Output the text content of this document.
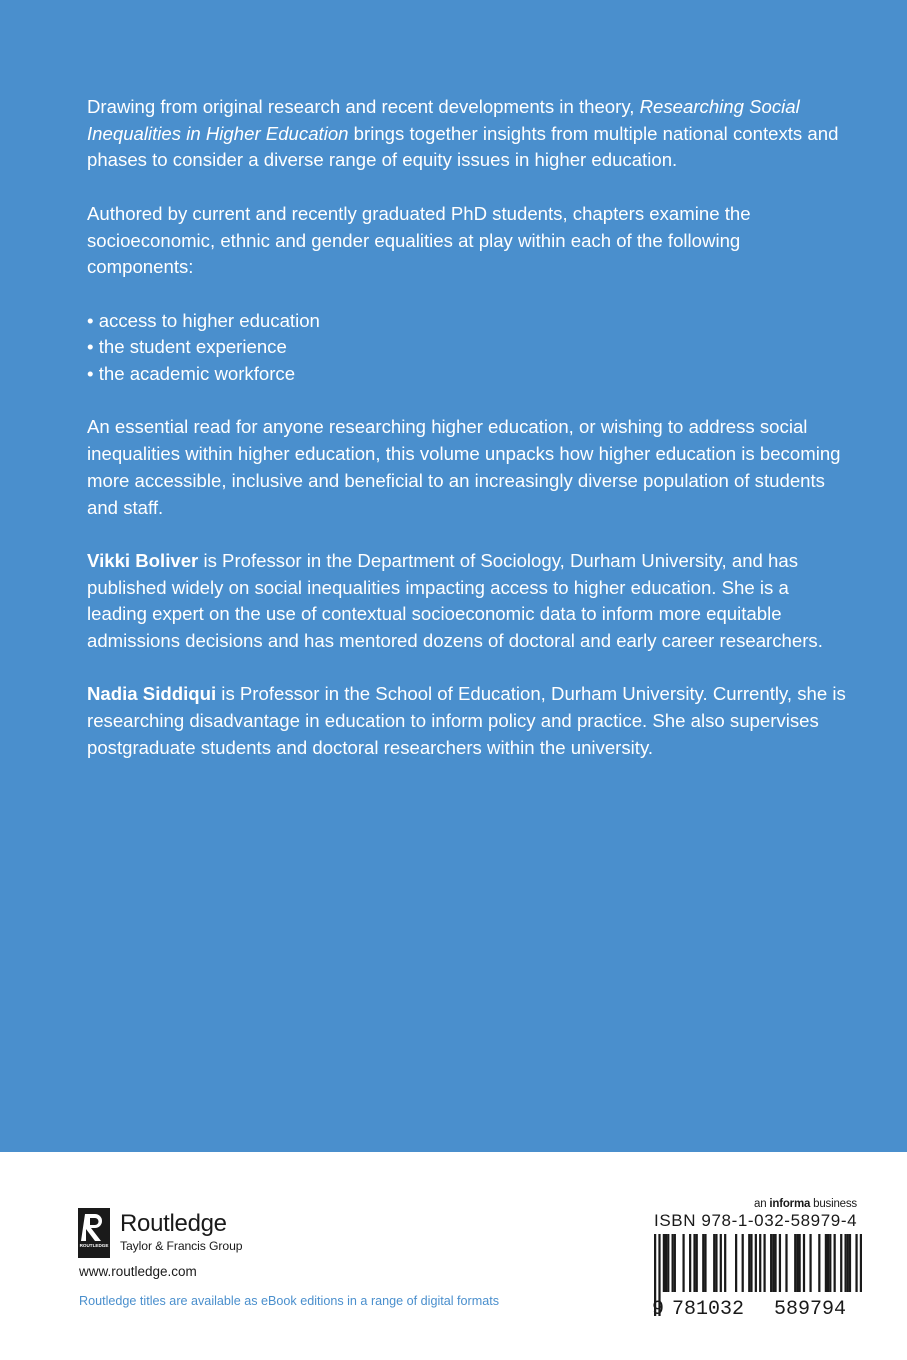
Drawing from original research and recent developments in theory, Researching Social Inequalities in Higher Education brings together insights from multiple national contexts and phases to consider a diverse range of equity issues in higher education.

Authored by current and recently graduated PhD students, chapters examine the socioeconomic, ethnic and gender equalities at play within each of the following components:

• access to higher education
• the student experience
• the academic workforce

An essential read for anyone researching higher education, or wishing to address social inequalities within higher education, this volume unpacks how higher education is becoming more accessible, inclusive and beneficial to an increasingly diverse population of students and staff.

Vikki Boliver is Professor in the Department of Sociology, Durham University, and has published widely on social inequalities impacting access to higher education. She is a leading expert on the use of contextual socioeconomic data to inform more equitable admissions decisions and has mentored dozens of doctoral and early career researchers.

Nadia Siddiqui is Professor in the School of Education, Durham University. Currently, she is researching disadvantage in education to inform policy and practice. She also supervises postgraduate students and doctoral researchers within the university.

ROUTLEDGE
Routledge
Taylor & Francis Group
www.routledge.com
Routledge titles are available as eBook editions in a range of digital formats
an informa business
ISBN 978-1-032-58979-4
9 781032 589794
